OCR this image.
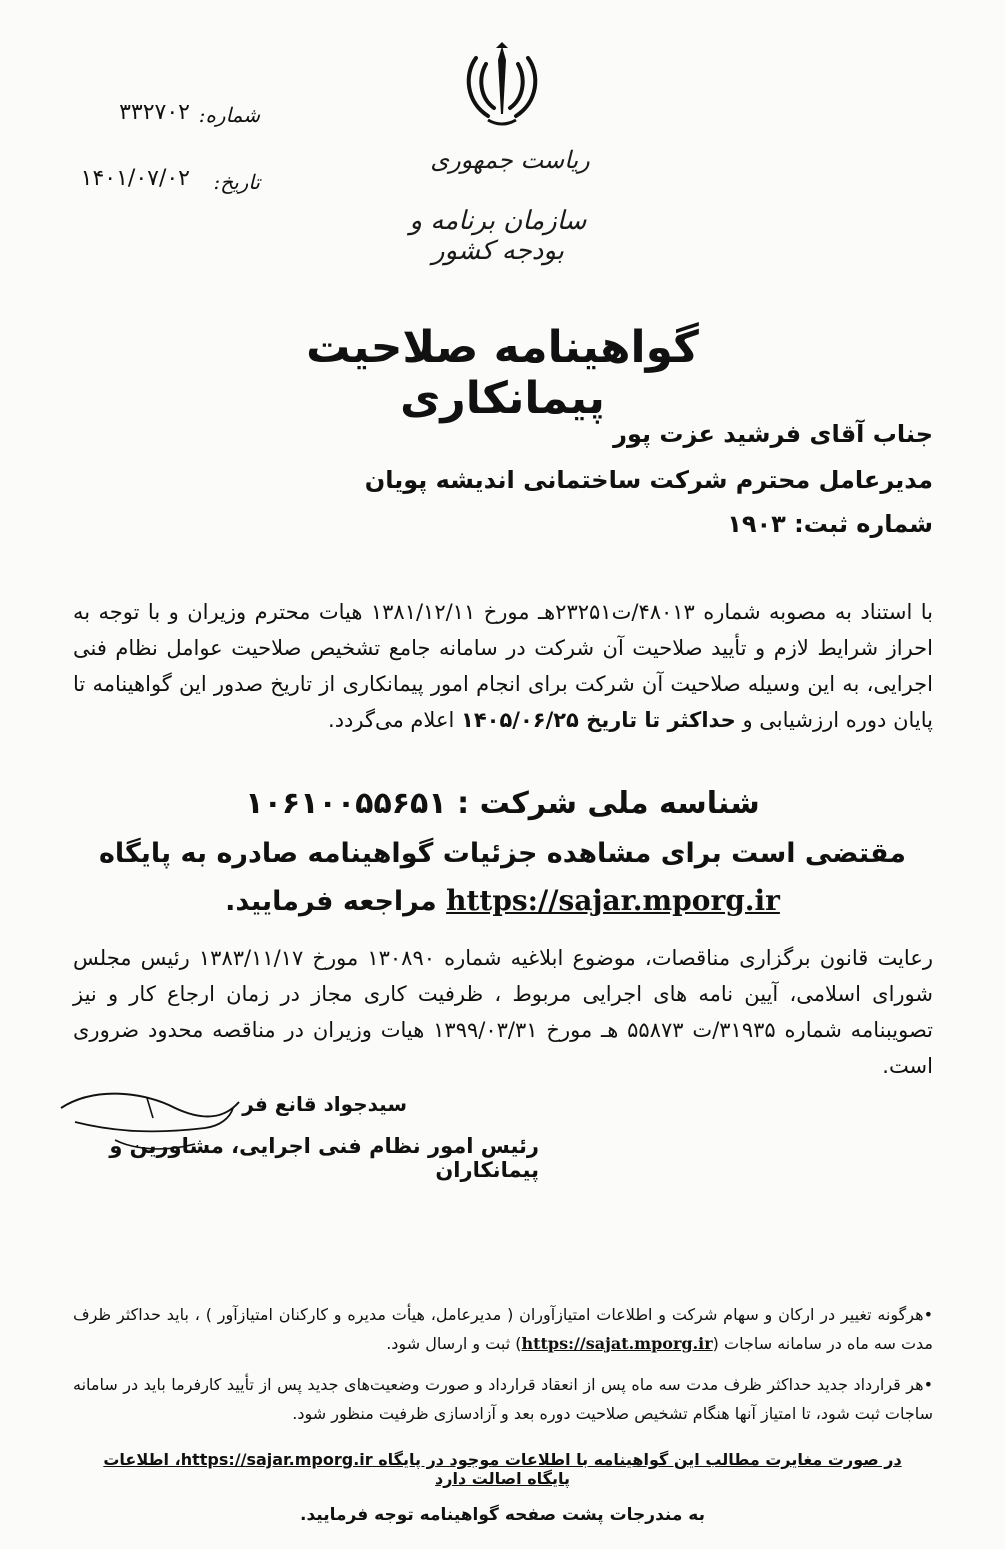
ریاست جمهوری
سازمان برنامه و بودجه کشور
شماره:
۳۳۲۷۰۲
تاریخ:
۱۴۰۱/۰۷/۰۲
گواهینامه صلاحیت پیمانکاری
جناب آقای فرشید عزت پور
مدیرعامل محترم شرکت ساختمانی اندیشه پویان
شماره ثبت: ۱۹۰۳
با استناد به مصوبه شماره ۴۸۰۱۳/ت۲۳۲۵۱هـ مورخ ۱۳۸۱/۱۲/۱۱ هیات محترم وزیران و با توجه به احراز شرایط لازم و تأیید صلاحیت آن شرکت در سامانه جامع تشخیص صلاحیت عوامل نظام فنی اجرایی، به این وسیله صلاحیت آن شرکت برای انجام امور پیمانکاری از تاریخ صدور این گواهینامه تا پایان دوره ارزشیابی و حداکثر تا تاریخ ۱۴۰۵/۰۶/۲۵ اعلام می‌گردد.
شناسه ملی شرکت : ۱۰۶۱۰۰۵۵۶۵۱
مقتضی است برای مشاهده جزئیات گواهینامه صادره به پایگاه
https://sajar.mporg.ir مراجعه فرمایید.
رعایت قانون برگزاری مناقصات، موضوع ابلاغیه شماره ۱۳۰۸۹۰ مورخ ۱۳۸۳/۱۱/۱۷ رئیس مجلس شورای اسلامی، آیین نامه های اجرایی مربوط ، ظرفیت کاری مجاز در زمان ارجاع کار و نیز تصویبنامه شماره ۳۱۹۳۵/ت ۵۵۸۷۳ هـ مورخ ۱۳۹۹/۰۳/۳۱ هیات وزیران در مناقصه محدود ضروری است.
سیدجواد قانع فر
رئیس امور نظام فنی اجرایی، مشاورین و پیمانکاران
•هرگونه تغییر در ارکان و سهام شرکت و اطلاعات امتیازآوران ( مدیرعامل، هیأت مدیره و کارکنان امتیازآور ) ، باید حداکثر ظرف مدت سه ماه در سامانه ساجات (https://sajat.mporg.ir) ثبت و ارسال شود.
•هر قرارداد جدید حداکثر ظرف مدت سه ماه پس از انعقاد قرارداد و صورت وضعیت‌های جدید پس از تأیید کارفرما باید در سامانه ساجات ثبت شود، تا امتیاز آنها هنگام تشخیص صلاحیت دوره بعد و آزادسازی ظرفیت منظور شود.
در صورت مغایرت مطالب این گواهینامه با اطلاعات موجود در پایگاه https://sajar.mporg.ir، اطلاعات پایگاه اصالت دارد
به مندرجات پشت صفحه گواهینامه توجه فرمایید.
